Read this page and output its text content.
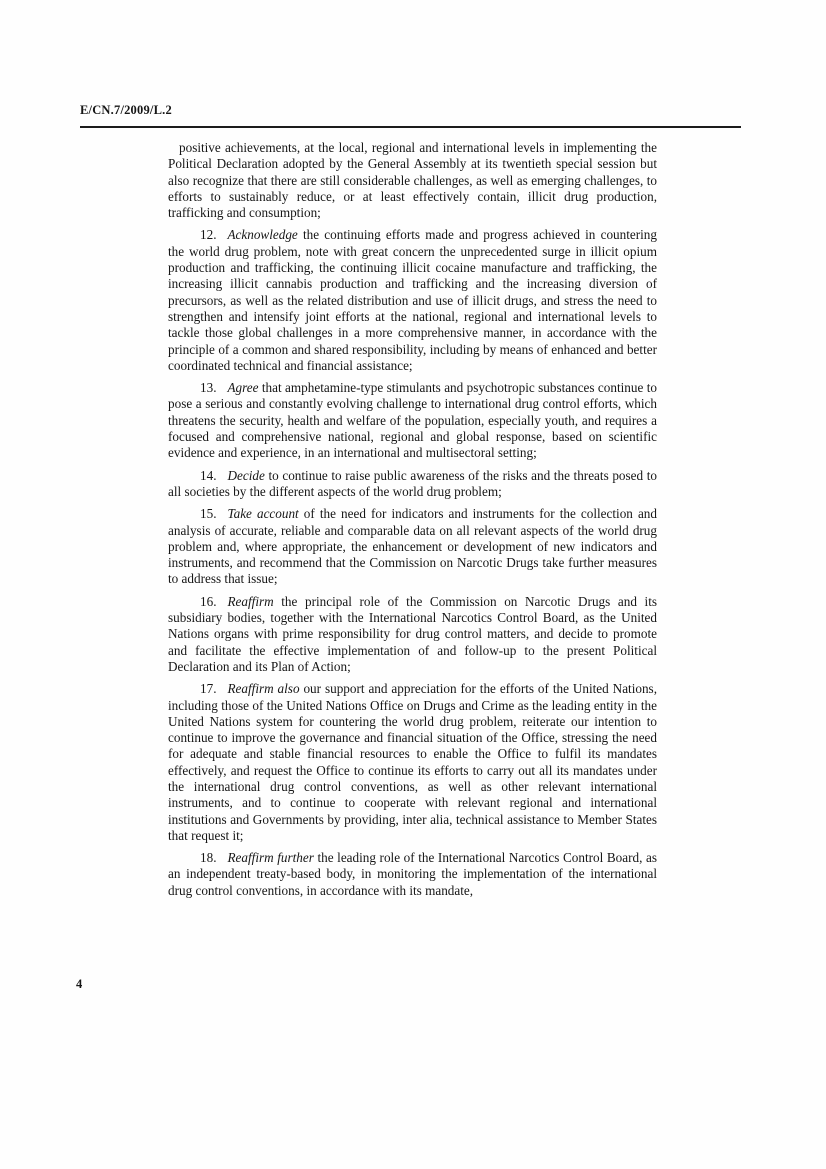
E/CN.7/2009/L.2

positive achievements, at the local, regional and international levels in implementing the Political Declaration adopted by the General Assembly at its twentieth special session but also recognize that there are still considerable challenges, as well as emerging challenges, to efforts to sustainably reduce, or at least effectively contain, illicit drug production, trafficking and consumption;

12. Acknowledge the continuing efforts made and progress achieved in countering the world drug problem, note with great concern the unprecedented surge in illicit opium production and trafficking, the continuing illicit cocaine manufacture and trafficking, the increasing illicit cannabis production and trafficking and the increasing diversion of precursors, as well as the related distribution and use of illicit drugs, and stress the need to strengthen and intensify joint efforts at the national, regional and international levels to tackle those global challenges in a more comprehensive manner, in accordance with the principle of a common and shared responsibility, including by means of enhanced and better coordinated technical and financial assistance;

13. Agree that amphetamine-type stimulants and psychotropic substances continue to pose a serious and constantly evolving challenge to international drug control efforts, which threatens the security, health and welfare of the population, especially youth, and requires a focused and comprehensive national, regional and global response, based on scientific evidence and experience, in an international and multisectoral setting;

14. Decide to continue to raise public awareness of the risks and the threats posed to all societies by the different aspects of the world drug problem;

15. Take account of the need for indicators and instruments for the collection and analysis of accurate, reliable and comparable data on all relevant aspects of the world drug problem and, where appropriate, the enhancement or development of new indicators and instruments, and recommend that the Commission on Narcotic Drugs take further measures to address that issue;

16. Reaffirm the principal role of the Commission on Narcotic Drugs and its subsidiary bodies, together with the International Narcotics Control Board, as the United Nations organs with prime responsibility for drug control matters, and decide to promote and facilitate the effective implementation of and follow-up to the present Political Declaration and its Plan of Action;

17. Reaffirm also our support and appreciation for the efforts of the United Nations, including those of the United Nations Office on Drugs and Crime as the leading entity in the United Nations system for countering the world drug problem, reiterate our intention to continue to improve the governance and financial situation of the Office, stressing the need for adequate and stable financial resources to enable the Office to fulfil its mandates effectively, and request the Office to continue its efforts to carry out all its mandates under the international drug control conventions, as well as other relevant international instruments, and to continue to cooperate with relevant regional and international institutions and Governments by providing, inter alia, technical assistance to Member States that request it;

18. Reaffirm further the leading role of the International Narcotics Control Board, as an independent treaty-based body, in monitoring the implementation of the international drug control conventions, in accordance with its mandate,

4
